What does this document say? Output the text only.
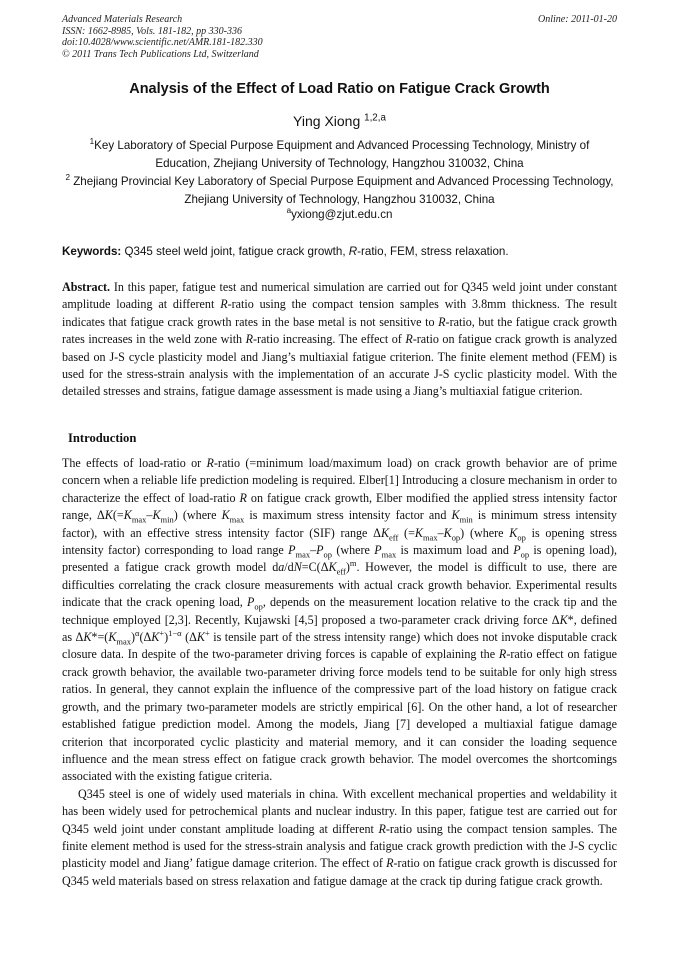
Advanced Materials Research
ISSN: 1662-8985, Vols. 181-182, pp 330-336
doi:10.4028/www.scientific.net/AMR.181-182.330
© 2011 Trans Tech Publications Ltd, Switzerland
Online: 2011-01-20
Analysis of the Effect of Load Ratio on Fatigue Crack Growth
Ying Xiong $^{1,2,a}$
$^1$Key Laboratory of Special Purpose Equipment and Advanced Processing Technology, Ministry of Education, Zhejiang University of Technology, Hangzhou 310032, China
$^2$ Zhejiang Provincial Key Laboratory of Special Purpose Equipment and Advanced Processing Technology, Zhejiang University of Technology, Hangzhou 310032, China
$^a$yxiong@zjut.edu.cn
Keywords: Q345 steel weld joint, fatigue crack growth, R-ratio, FEM, stress relaxation.
Abstract. In this paper, fatigue test and numerical simulation are carried out for Q345 weld joint under constant amplitude loading at different R-ratio using the compact tension samples with 3.8mm thickness. The result indicates that fatigue crack growth rates in the base metal is not sensitive to R-ratio, but the fatigue crack growth rates increases in the weld zone with R-ratio increasing. The effect of R-ratio on fatigue crack growth is analyzed based on J-S cycle plasticity model and Jiang’s multiaxial fatigue criterion. The finite element method (FEM) is used for the stress-strain analysis with the implementation of an accurate J-S cyclic plasticity model. With the detailed stresses and strains, fatigue damage assessment is made using a Jiang’s multiaxial fatigue criterion.
Introduction

The effects of load-ratio or R-ratio (=minimum load/maximum load) on crack growth behavior are of prime concern when a reliable life prediction modeling is required. Elber[1] Introducing a closure mechanism in order to characterize the effect of load-ratio R on fatigue crack growth, Elber modified the applied stress intensity factor range, $\Delta K(=K_{max}-K_{min})$ (where $K_{max}$ is maximum stress intensity factor and $K_{min}$ is minimum stress intensity factor), with an effective stress intensity factor (SIF) range $\Delta K_{eff}$ $(=K_{max}-K_{op})$ (where $K_{op}$ is opening stress intensity factor) corresponding to load range $P_{max}-P_{op}$ (where $P_{max}$ is maximum load and $P_{op}$ is opening load), presented a fatigue crack growth model $da/dN=C(\Delta K_{eff})^m$. However, the model is difficult to use, there are difficulties correlating the crack closure measurements with actual crack growth behavior. Experimental results indicate that the crack opening load, $P_{op}$, depends on the measurement location relative to the crack tip and the technique employed [2,3]. Recently, Kujawski [4,5] proposed a two-parameter crack driving force ΔK*, defined as $\Delta K*=(K_{max})^\alpha(\Delta K^+)^{1-\alpha}$ (ΔK+ is tensile part of the stress intensity range) which does not invoke disputable crack closure data. In despite of the two-parameter driving forces is capable of explaining the R-ratio effect on fatigue crack growth behavior, the available two-parameter driving force models tend to be suitable for only high stress ratios. In general, they cannot explain the influence of the compressive part of the load history on fatigue crack growth, and the primary two-parameter models are strictly empirical [6]. On the other hand, a lot of researcher established fatigue prediction model. Among the models, Jiang [7] developed a multiaxial fatigue damage criterion that incorporated cyclic plasticity and material memory, and it can consider the loading sequence influence and the mean stress effect on fatigue crack growth behavior. The model overcomes the shortcomings associated with the existing fatigue criteria.

Q345 steel is one of widely used materials in china. With excellent mechanical properties and weldability it has been widely used for petrochemical plants and nuclear industry. In this paper, fatigue test are carried out for Q345 weld joint under constant amplitude loading at different R-ratio using the compact tension samples. The finite element method is used for the stress-strain analysis and fatigue crack growth prediction with the J-S cyclic plasticity model and Jiang’ fatigue damage criterion. The effect of R-ratio on fatigue crack growth is discussed for Q345 weld materials based on stress relaxation and fatigue damage at the crack tip during fatigue crack growth.
